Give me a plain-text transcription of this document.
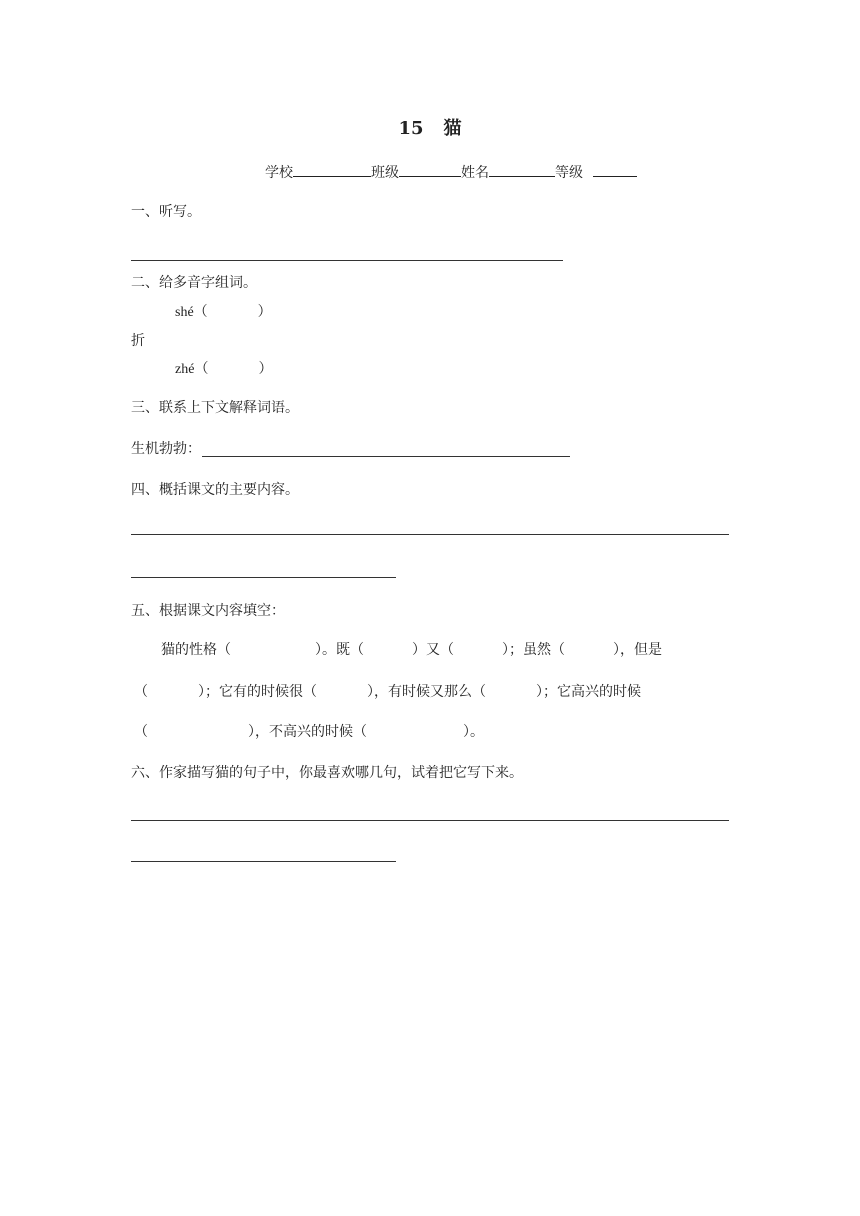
15 猫
学校	班级	姓名	等级
一、听写。
二、给多音字组词。
shé（	）
折
zhé（	）
三、联系上下文解释词语。
生机勃勃：
四、概括课文的主要内容。
五、根据课文内容填空：
猫的性格（	）。既（	）又（	）；虽然（	），但是
（	）；它有的时候很（	），有时候又那么（	）；它高兴的时候
（	），不高兴的时候（	）。
六、作家描写猫的句子中，你最喜欢哪几句，试着把它写下来。
